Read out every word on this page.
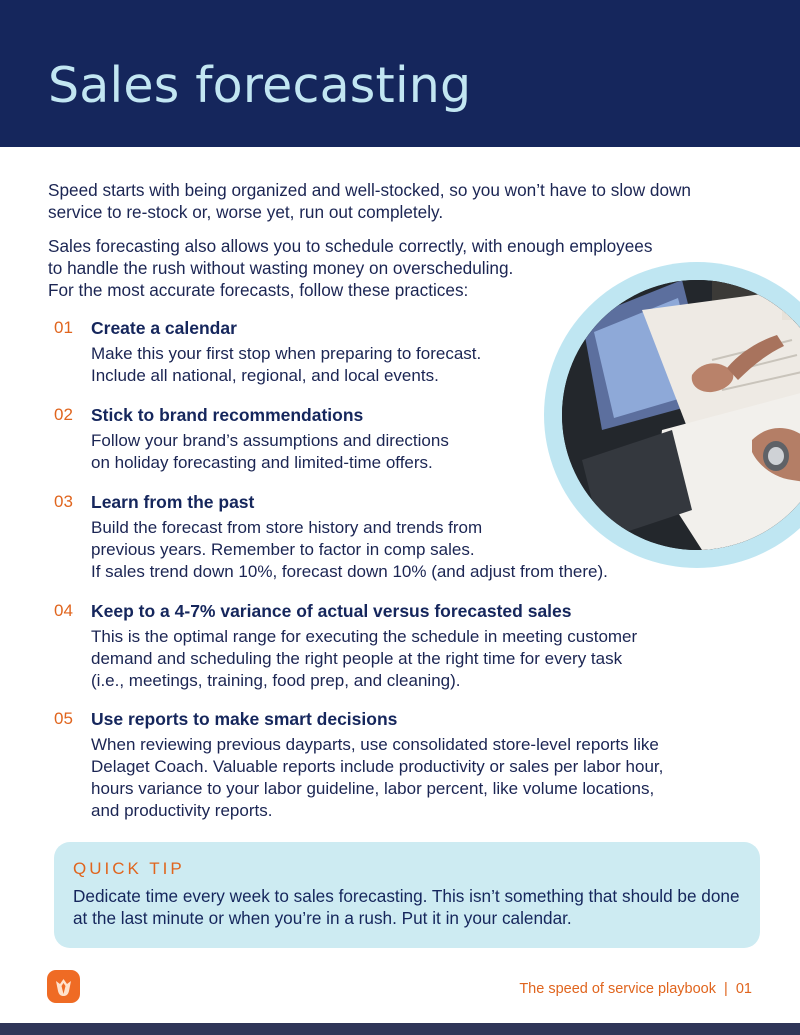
Sales forecasting

Speed starts with being organized and well-stocked, so you won’t have to slow down service to re-stock or, worse yet, run out completely.

Sales forecasting also allows you to schedule correctly, with enough employees
to handle the rush without wasting money on overscheduling.
For the most accurate forecasts, follow these practices:
01 Create a calendar
Make this your first stop when preparing to forecast.
Include all national, regional, and local events.
02 Stick to brand recommendations
Follow your brand’s assumptions and directions
on holiday forecasting and limited-time offers.
03 Learn from the past
Build the forecast from store history and trends from
previous years. Remember to factor in comp sales.
If sales trend down 10%, forecast down 10% (and adjust from there).
04 Keep to a 4-7% variance of actual versus forecasted sales
This is the optimal range for executing the schedule in meeting customer
demand and scheduling the right people at the right time for every task
(i.e., meetings, training, food prep, and cleaning).
05 Use reports to make smart decisions
When reviewing previous dayparts, use consolidated store-level reports like
Delaget Coach. Valuable reports include productivity or sales per labor hour,
hours variance to your labor guideline, labor percent, like volume locations,
and productivity reports.
QUICK TIP

Dedicate time every week to sales forecasting. This isn’t something that should be done at the last minute or when you’re in a rush. Put it in your calendar.

The speed of service playbook  |  01
